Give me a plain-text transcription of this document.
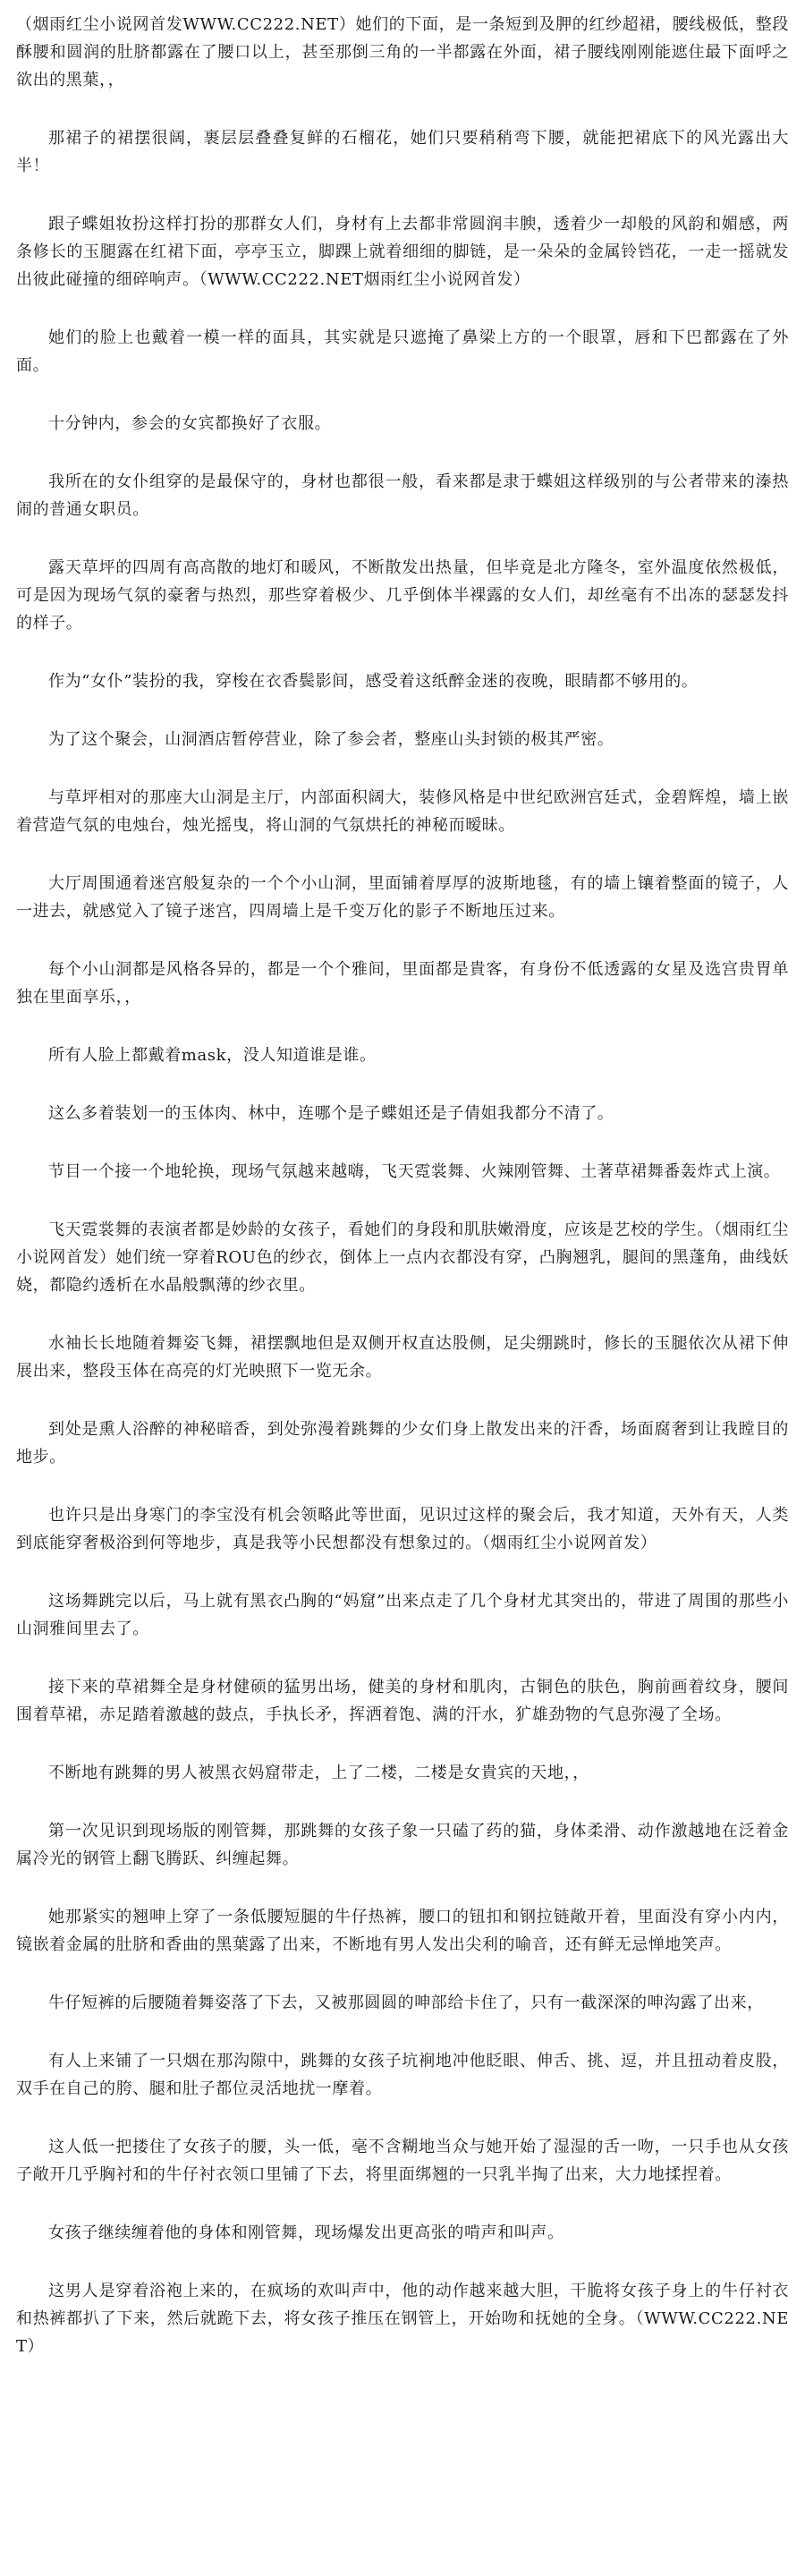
（烟雨红尘小说网首发WWW.CC222.NET）她们的下面，是一条短到及胛的红纱超裙，腰线极低，整段酥腰和圆润的肚脐都露在了腰口以上，甚至那倒三角的一半都露在外面，裙子腰线刚刚能遮住最下面呼之欲出的黑葉，，

那裙子的裙摆很阔，裹层层叠叠复鲜的石榴花，她们只要稍稍弯下腰，就能把裙底下的风光露出大半！

跟子蝶姐妆扮这样打扮的那群女人们，身材有上去都非常圆润丰腴，透着少一却般的风韵和媚感，两条修长的玉腿露在红裙下面，亭亭玉立，脚踝上就着细细的脚链，是一朵朵的金属铃铛花，一走一摇就发出彼此碰撞的细碎响声。（WWW.CC222.NET烟雨红尘小说网首发）

她们的脸上也戴着一模一样的面具，其实就是只遮掩了鼻梁上方的一个眼罩，唇和下巴都露在了外面。

十分钟内，参会的女宾都换好了衣服。

我所在的女仆组穿的是最保守的，身材也都很一般，看来都是隶于蝶姐这样级别的与公者带来的溱热闹的普通女职员。

露天草坪的四周有高高散的地灯和暖风，不断散发出热量，但毕竟是北方隆冬，室外温度依然极低，可是因为现场气氛的豪奢与热烈，那些穿着极少、几乎倒体半裸露的女人们，却丝毫有不出冻的瑟瑟发抖的样子。

作为“女仆”装扮的我，穿梭在衣香鬓影间，感受着这纸醉金迷的夜晚，眼睛都不够用的。

为了这个聚会，山洞酒店暂停营业，除了参会者，整座山头封锁的极其严密。

与草坪相对的那座大山洞是主厅，内部面积阔大，装修风格是中世纪欧洲宫廷式，金碧辉煌，墙上嵌着营造气氛的电烛台，烛光摇曳，将山洞的气氛烘托的神秘而暧昧。

大厅周围通着迷宫般复杂的一个个小山洞，里面铺着厚厚的波斯地毯，有的墙上镶着整面的镜子，人一进去，就感觉入了镜子迷宫，四周墙上是千变万化的影子不断地压过来。

每个小山洞都是风格各异的，都是一个个雅间，里面都是貴客，有身份不低透露的女星及选宫贵胃单独在里面享乐，，

所有人脸上都戴着mask，没人知道谁是谁。

这么多着装划一的玉体肉、林中，连哪个是子蝶姐还是子倩姐我都分不清了。

节目一个接一个地轮换，现场气氛越来越嗨，飞天霓裳舞、火辣刚管舞、土著草裙舞番轰炸式上演。

飞天霓裳舞的表演者都是妙龄的女孩子，看她们的身段和肌肤嫩滑度，应该是艺校的学生。（烟雨红尘小说网首发）她们统一穿着ROU色的纱衣，倒体上一点内衣都没有穿，凸胸翘乳，腿间的黑蓬角，曲线妖娆，都隐约透析在水晶般飘薄的纱衣里。

水袖长长地随着舞姿飞舞，裙摆飘地但是双侧开权直达股侧，足尖绷跳时，修长的玉腿依次从裙下伸展出来，整段玉体在高亮的灯光映照下一览无余。

到处是熏人浴醉的神秘暗香，到处弥漫着跳舞的少女们身上散发出来的汗香，场面腐奢到让我瞠目的地步。

也许只是出身寒门的李宝没有机会领略此等世面，见识过这样的聚会后，我才知道，天外有天，人类到底能穿奢极浴到何等地步，真是我等小民想都没有想象过的。（烟雨红尘小说网首发）

这场舞跳完以后，马上就有黑衣凸胸的“妈窟”出来点走了几个身材尤其突出的，带进了周围的那些小山洞雅间里去了。

接下来的草裙舞全是身材健硕的猛男出场，健美的身材和肌肉，古铜色的肤色，胸前画着纹身，腰间围着草裙，赤足踏着激越的鼓点，手执长矛，挥洒着饱、满的汗水，犷雄劲物的气息弥漫了全场。

不断地有跳舞的男人被黑衣妈窟带走，上了二楼，二楼是女貴宾的天地，，

第一次见识到现场版的刚管舞，那跳舞的女孩子象一只磕了药的猫，身体柔滑、动作激越地在泛着金属冷光的钢管上翻飞腾跃、纠缠起舞。

她那紧实的翘呻上穿了一条低腰短腿的牛仔热裤，腰口的钮扣和钢拉链敞开着，里面没有穿小内内，镜嵌着金属的肚脐和香曲的黑葉露了出来，不断地有男人发出尖利的喻音，还有鲜无忌惮地笑声。

牛仔短裤的后腰随着舞姿落了下去，又被那圆圆的呻部给卡住了，只有一截深深的呻沟露了出来，

有人上来铺了一只烟在那沟隙中，跳舞的女孩子坑裥地冲他眨眼、伸舌、挑、逗，并且扭动着皮股，双手在自己的胯、腿和肚子都位灵活地扰一摩着。

这人低一把搂住了女孩子的腰，头一低，毫不含糊地当众与她开始了湿湿的舌一吻，一只手也从女孩子敞开几乎胸衬和的牛仔衬衣领口里铺了下去，将里面绑翘的一只乳半掏了出来，大力地揉捏着。

女孩子继续缠着他的身体和刚管舞，现场爆发出更高张的啃声和叫声。

这男人是穿着浴袍上来的，在疯场的欢叫声中，他的动作越来越大胆，干脆将女孩子身上的牛仔衬衣和热裤都扒了下来，然后就跪下去，将女孩子推压在钢管上，开始吻和抚她的全身。（WWW.CC222.NET）
